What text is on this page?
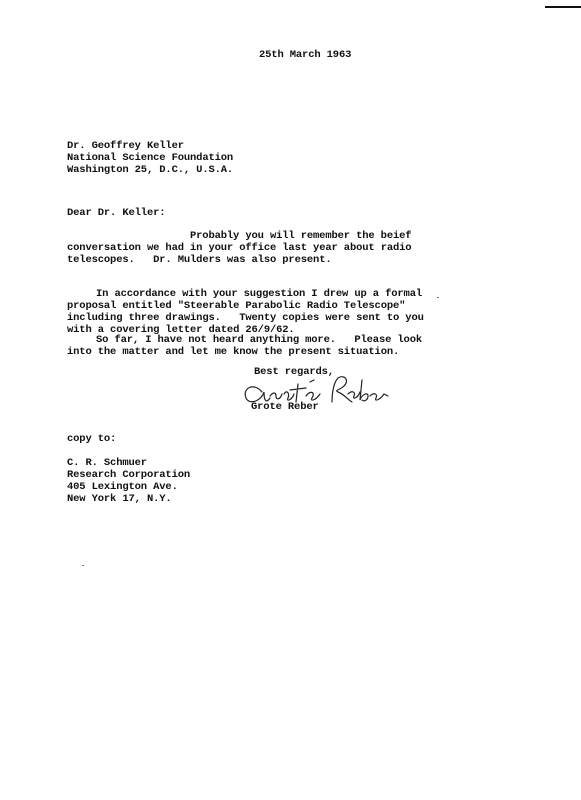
25th March 1963
Dr. Geoffrey Keller
National Science Foundation
Washington 25, D.C., U.S.A.
Dear Dr. Keller:
Probably you will remember the beief
conversation we had in your office last year about radio
telescopes.   Dr. Mulders was also present.
In accordance with your suggestion I drew up a formal
proposal entitled "Steerable Parabolic Radio Telescope"
including three drawings.   Twenty copies were sent to you
with a covering letter dated 26/9/62.
So far, I have not heard anything more.   Please look
into the matter and let me know the present situation.
Best regards,
Grote Reber
copy to:
C. R. Schmuer
Research Corporation
405 Lexington Ave.
New York 17, N.Y.
